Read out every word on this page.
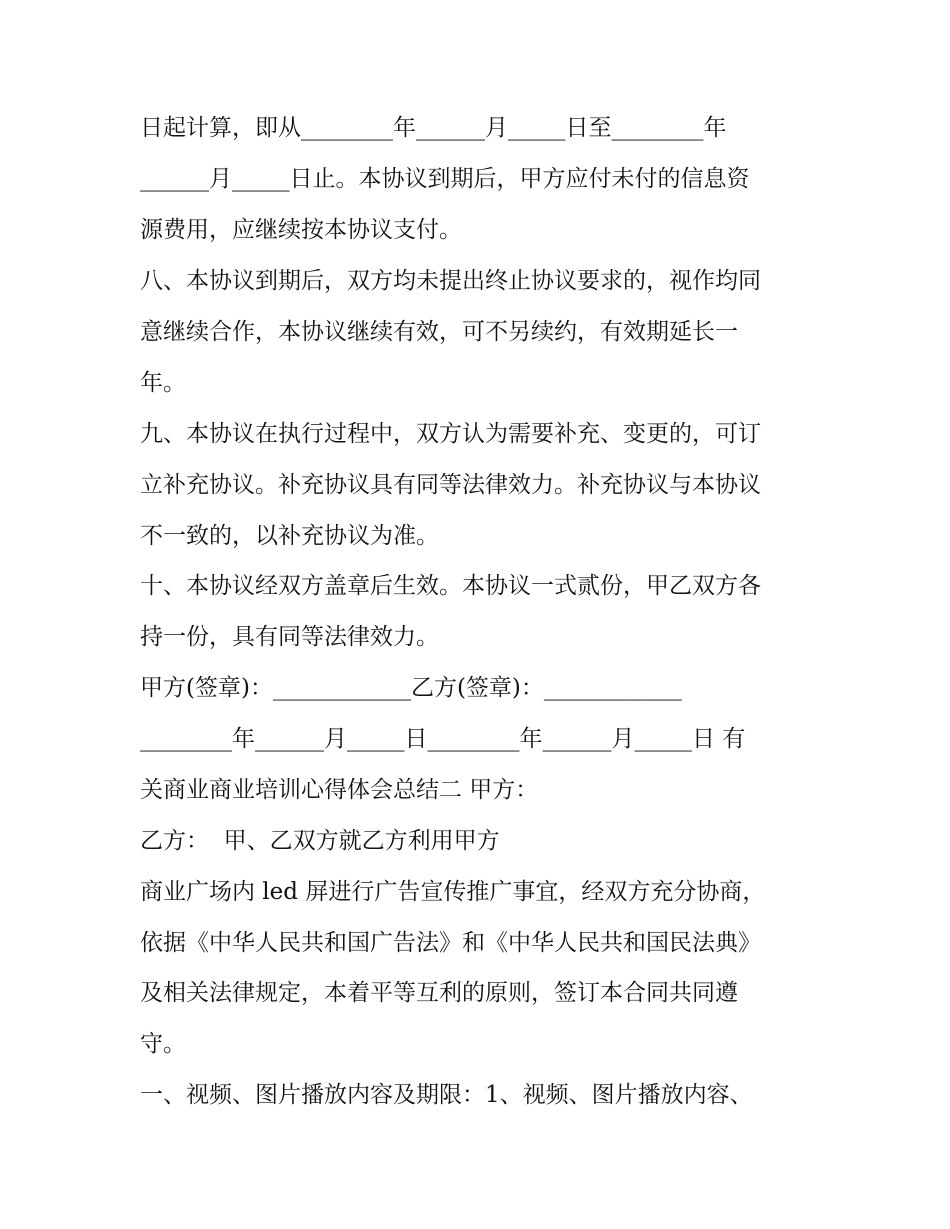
日起计算，即从________年______月_____日至________年
______月_____日止。本协议到期后，甲方应付未付的信息资
源费用，应继续按本协议支付。
八、本协议到期后，双方均未提出终止协议要求的，视作均同
意继续合作，本协议继续有效，可不另续约，有效期延长一
年。
九、本协议在执行过程中，双方认为需要补充、变更的，可订
立补充协议。补充协议具有同等法律效力。补充协议与本协议
不一致的，以补充协议为准。
十、本协议经双方盖章后生效。本协议一式贰份，甲乙双方各
持一份，具有同等法律效力。
甲方(签章)：____________乙方(签章)：____________
________年______月_____日________年______月_____日 有
关商业商业培训心得体会总结二 甲方：
乙方：  甲、乙双方就乙方利用甲方
商业广场内 led 屏进行广告宣传推广事宜，经双方充分协商，
依据《中华人民共和国广告法》和《中华人民共和国民法典》
及相关法律规定，本着平等互利的原则，签订本合同共同遵
守。
一、视频、图片播放内容及期限：1、视频、图片播放内容、
